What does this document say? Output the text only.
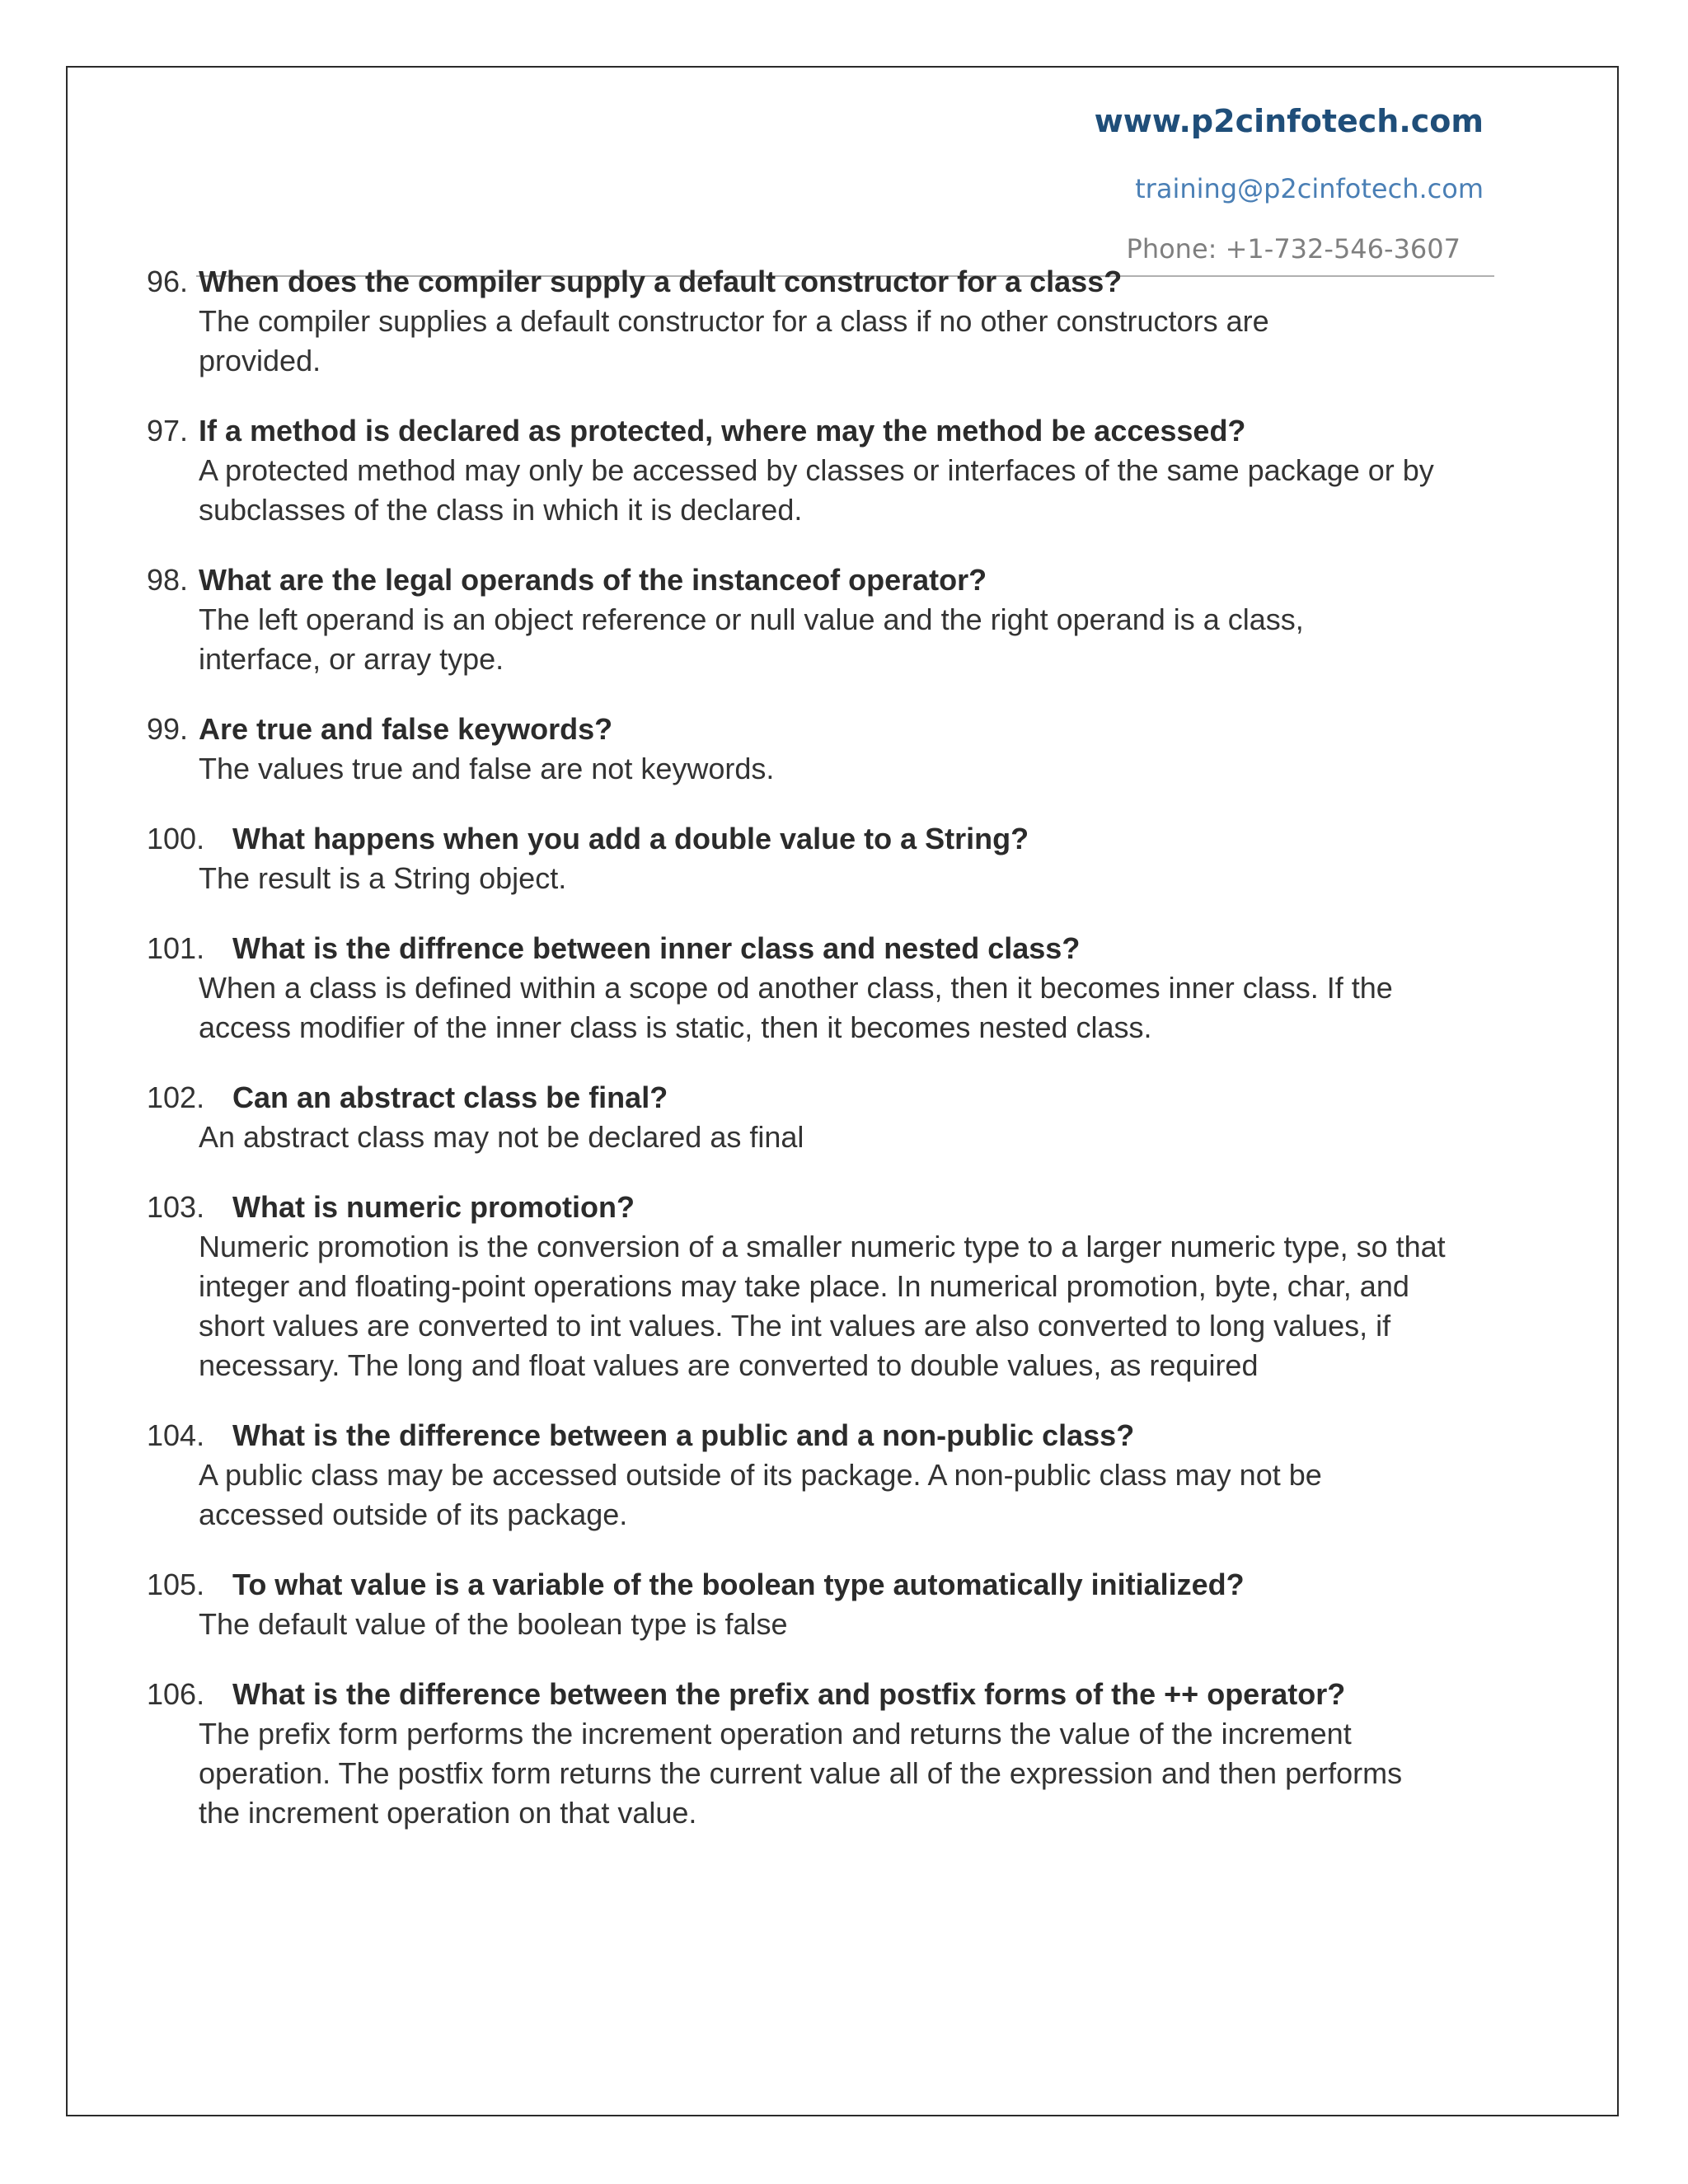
www.p2cinfotech.com
training@p2cinfotech.com
Phone: +1-732-546-3607
96. When does the compiler supply a default constructor for a class?
The compiler supplies a default constructor for a class if no other constructors are provided.
97. If a method is declared as protected, where may the method be accessed?
A protected method may only be accessed by classes or interfaces of the same package or by subclasses of the class in which it is declared.
98. What are the legal operands of the instanceof operator?
The left operand is an object reference or null value and the right operand is a class, interface, or array type.
99. Are true and false keywords?
The values true and false are not keywords.
100. What happens when you add a double value to a String?
The result is a String object.
101. What is the diffrence between inner class and nested class?
When a class is defined within a scope od another class, then it becomes inner class. If the access modifier of the inner class is static, then it becomes nested class.
102. Can an abstract class be final?
An abstract class may not be declared as final
103. What is numeric promotion?
Numeric promotion is the conversion of a smaller numeric type to a larger numeric type, so that integer and floating-point operations may take place. In numerical promotion, byte, char, and short values are converted to int values. The int values are also converted to long values, if necessary. The long and float values are converted to double values, as required
104. What is the difference between a public and a non-public class?
A public class may be accessed outside of its package. A non-public class may not be accessed outside of its package.
105. To what value is a variable of the boolean type automatically initialized?
The default value of the boolean type is false
106. What is the difference between the prefix and postfix forms of the ++ operator?
The prefix form performs the increment operation and returns the value of the increment operation. The postfix form returns the current value all of the expression and then performs the increment operation on that value.
